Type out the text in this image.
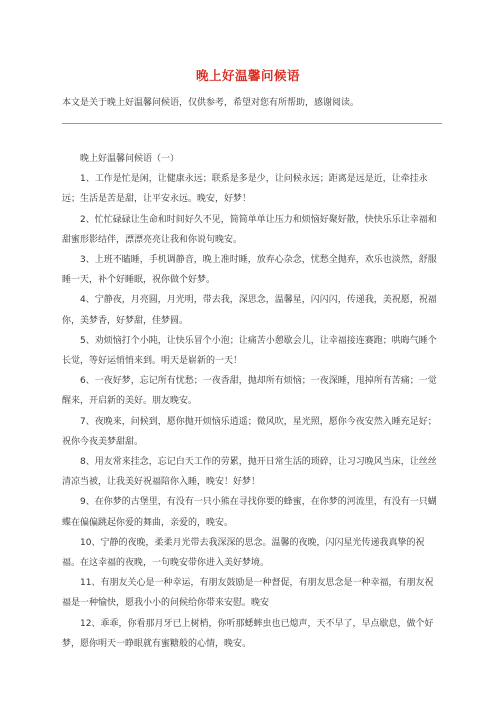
晚上好温馨问候语
本文是关于晚上好温馨问候语，仅供参考，希望对您有所帮助，感谢阅读。

晚上好温馨问候语（一）

1、工作是忙是闲，让健康永远；联系是多是少，让问候永远；距离是远是近，让牵挂永远；生活是苦是甜，让平安永远。晚安，好梦！

2、忙忙碌碌让生命和时间好久不见，简简单单让压力和烦恼好聚好散，快快乐乐让幸福和甜蜜形影结伴，漂漂亮亮让我和你说句晚安。

3、上班不瞌睡，手机调静音，晚上准时睡，放弃心杂念，忧愁全抛弃，欢乐也淡然，舒服睡一天，补个好睡眠，祝你做个好梦。

4、宁静夜，月亮圆，月光明，带去我，深思念，温馨星，闪闪闪，传递我，美祝愿，祝福你，美梦香，好梦甜，佳梦圆。

5、劝烦恼打个小盹，让快乐冒个小泡；让痛苦小憩歇会儿，让幸福接连赛跑；哄晦气睡个长觉，等好运悄悄来到。明天是崭新的一天！

6、一夜好梦，忘记所有忧愁；一夜香甜，抛却所有烦恼；一夜深睡，甩掉所有苦痛；一觉醒来，开启新的美好。朋友晚安。

7、夜晚来，问候到，愿你抛开烦恼乐逍遥；微风吹，星光照，愿你今夜安然入睡充足好；祝你今夜美梦甜甜。

8、用友常来挂念，忘记白天工作的劳累，抛开日常生活的琐碎，让习习晚风当床，让丝丝清凉当被，让我美好祝福陪你入睡，晚安！好梦！

9、在你梦的古堡里，有没有一只小熊在寻找你要的蜂蜜，在你梦的河流里，有没有一只蝴蝶在偏偏跳起你爱的舞曲，亲爱的，晚安。

10、宁静的夜晚，柔柔月光带去我深深的思念。温馨的夜晚，闪闪星光传递我真挚的祝福。在这幸福的夜晚，一句晚安带你进入美好梦境。

11、有朋友关心是一种幸运，有朋友鼓励是一种督促，有朋友思念是一种幸福，有朋友祝福是一种愉快，愿我小小的问候给你带来安慰。晚安

12、乖乖，你看那月牙已上树梢，你听那蟋蟀虫也已熄声，天不早了，早点歇息，做个好梦，愿你明天一睁眼就有蜜糖般的心情，晚安。
